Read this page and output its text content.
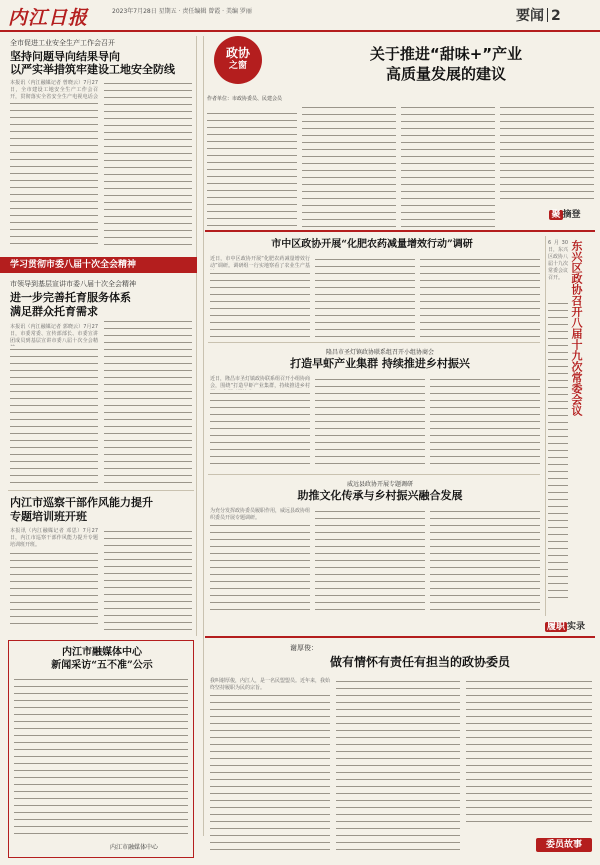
内江日报	2023年7月28日 星期五 · 责任编辑 曾霞 · 美编 罗丽	要闻 2
全市促进工业安全生产工作会召开
坚持问题导向结果导向
以严实举措筑牢建设工地安全防线
本报讯（内江融媒记者 曾晓云）7月27日，全市建设工地安全生产工作会召开，贯彻落实全省安全生产电视电话会
学习贯彻市委八届十次全会精神
市领导到基层宣讲市委八届十次全会精神
进一步完善托育服务体系
满足群众托育需求
本报讯（内江融媒记者 郭晓云）7月27日，市委常委、宣传部部长、市委宣讲团成员到基层宣讲市委八届十次全会精
内江市巡察干部作风能力提升
专题培训班开班
本报讯（内江融媒记者 邓思）7月27日，内江市巡察干部作风能力提升专题培训班开班。
内江市融媒体中心
新闻采访“五不准”公示
内江市融媒体中心
政协
之窗
关于推进“甜味+”产业
高质量发展的建议
作者单位：市政协委员、民建会员
聚 摘登
市中区政协开展“化肥农药减量增效行动”调研
近日，市中区政协开展“化肥农药减量增效行动”调研。调研组一行实地察看了农业生产基	东兴区政协召开八届十九次常委会议
6月30日，东兴区政协八届十九次常委会议召开。
隆昌市圣灯镇政协联系组召开小组协商会
打造早虾产业集群 持续推进乡村振兴
近日，隆昌市圣灯镇政协联系组召开小组协商会，围绕“打造早虾产业集群，持续推进乡村
威远县政协开展专题调研
助推文化传承与乡村振兴融合发展
为充分发挥政协委员履职作用，威远县政协组织委员开展专题调研。
履职 实录
谢厚俊：
做有情怀有责任有担当的政协委员
我叫谢厚俊，内江人，是一名民盟盟员。近年来，我始终坚持履职为民的宗旨。
委员故事
